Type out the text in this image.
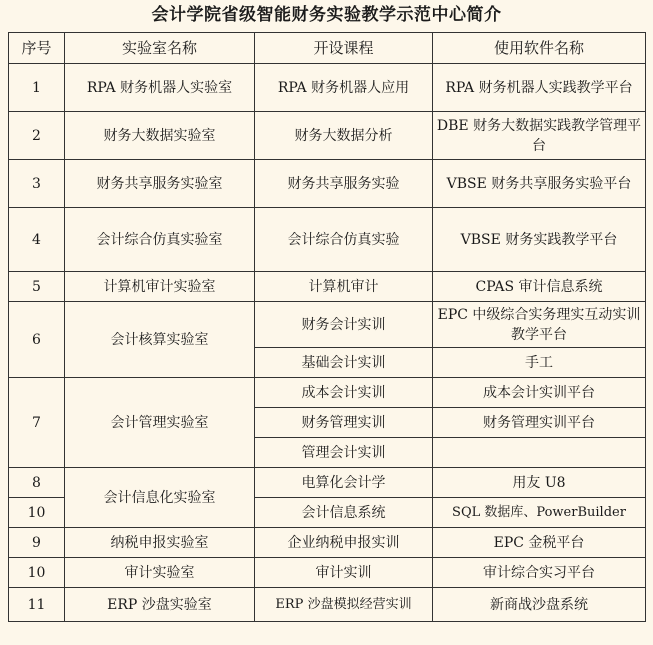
会计学院省级智能财务实验教学示范中心简介
序号	实验室名称	开设课程	使用软件名称
1	RPA 财务机器人实验室	RPA 财务机器人应用	RPA 财务机器人实践教学平台
2	财务大数据实验室	财务大数据分析	DBE 财务大数据实践教学管理平台
3	财务共享服务实验室	财务共享服务实验	VBSE 财务共享服务实验平台
4	会计综合仿真实验室	会计综合仿真实验	VBSE 财务实践教学平台
5	计算机审计实验室	计算机审计	CPAS 审计信息系统
6	会计核算实验室	财务会计实训	EPC 中级综合实务理实互动实训教学平台
		基础会计实训	手工
7	会计管理实验室	成本会计实训	成本会计实训平台
		财务管理实训	财务管理实训平台
		管理会计实训	
8	会计信息化实验室	电算化会计学	用友 U8
10		会计信息系统	SQL 数据库、PowerBuilder
9	纳税申报实验室	企业纳税申报实训	EPC 金税平台
10	审计实验室	审计实训	审计综合实习平台
11	ERP 沙盘实验室	ERP 沙盘模拟经营实训	新商战沙盘系统
